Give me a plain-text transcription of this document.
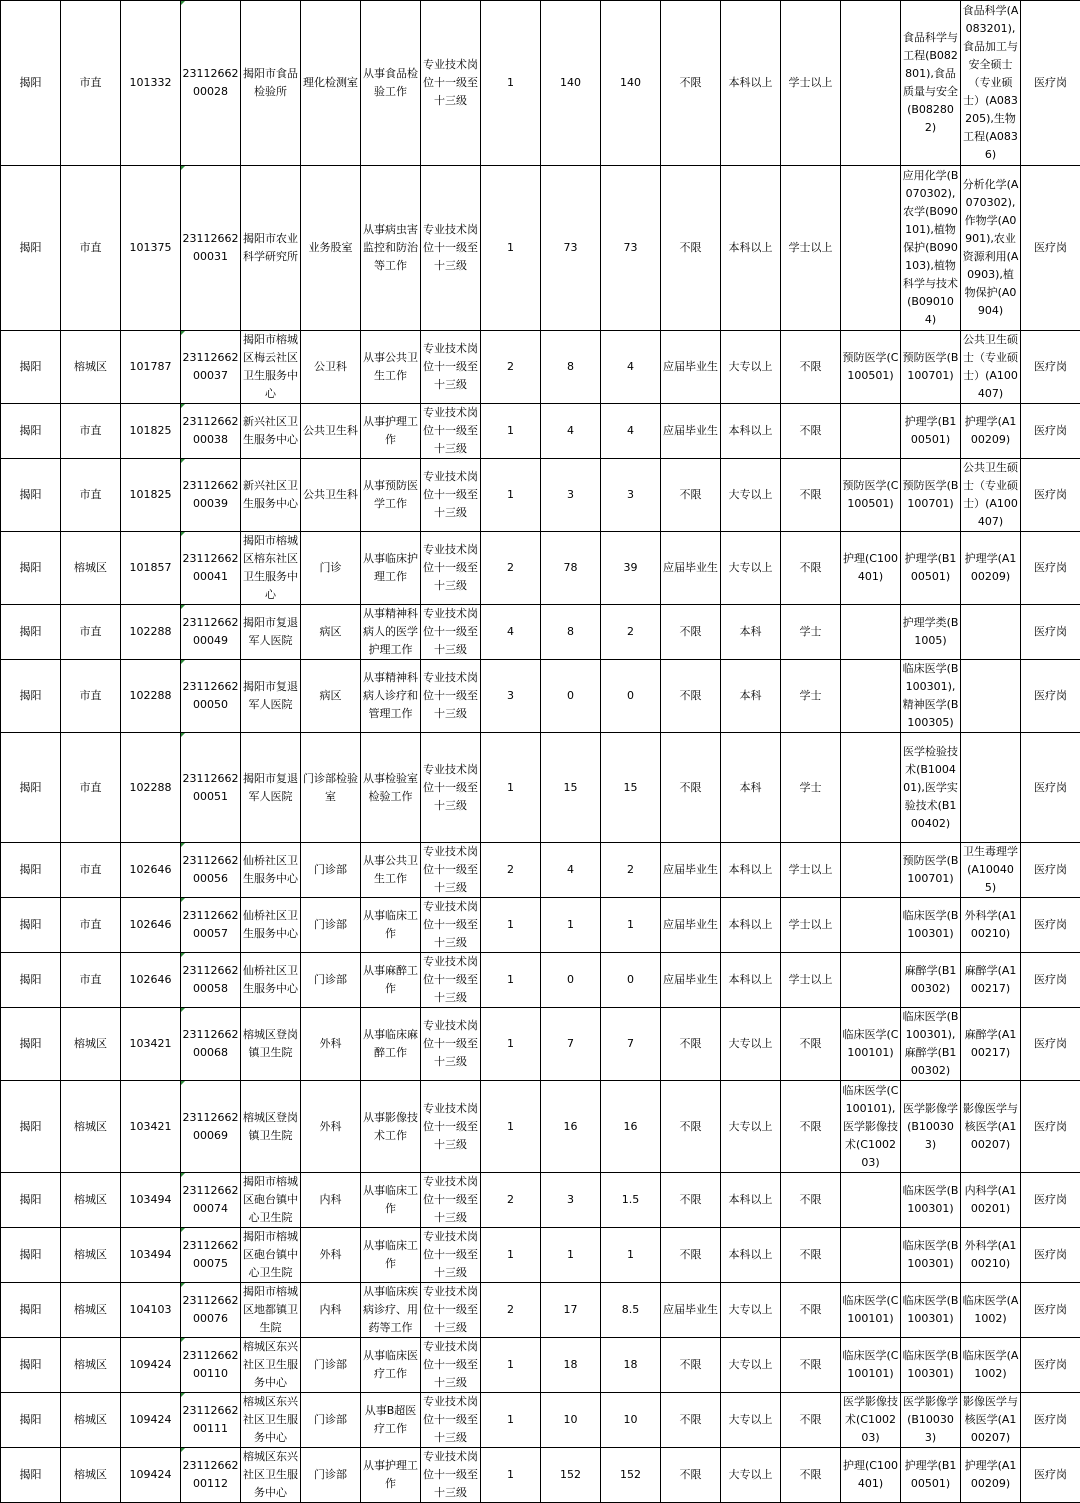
揭阳	市直	101332	2311266200028	揭阳市食品检验所	理化检测室	从事食品检验工作	专业技术岗位十一级至十三级	1	140	140	不限	本科以上	学士以上		食品科学与工程(B082801),食品质量与安全(B082802)	食品科学(A083201),食品加工与安全硕士（专业硕士）(A083205),生物工程(A0836)	医疗岗
揭阳	市直	101375	2311266200031	揭阳市农业科学研究所	业务股室	从事病虫害监控和防治等工作	专业技术岗位十一级至十三级	1	73	73	不限	本科以上	学士以上		应用化学(B070302),农学(B090101),植物保护(B090103),植物科学与技术(B090104)	分析化学(A070302),作物学(A0901),农业资源利用(A0903),植物保护(A0904)	医疗岗
揭阳	榕城区	101787	2311266200037	揭阳市榕城区梅云社区卫生服务中心	公卫科	从事公共卫生工作	专业技术岗位十一级至十三级	2	8	4	应届毕业生	大专以上	不限	预防医学(C100501)	预防医学(B100701)	公共卫生硕士（专业硕士）(A100407)	医疗岗
揭阳	市直	101825	2311266200038	新兴社区卫生服务中心	公共卫生科	从事护理工作	专业技术岗位十一级至十三级	1	4	4	应届毕业生	本科以上	不限		护理学(B100501)	护理学(A100209)	医疗岗
揭阳	市直	101825	2311266200039	新兴社区卫生服务中心	公共卫生科	从事预防医学工作	专业技术岗位十一级至十三级	1	3	3	不限	大专以上	不限	预防医学(C100501)	预防医学(B100701)	公共卫生硕士（专业硕士）(A100407)	医疗岗
揭阳	榕城区	101857	2311266200041	揭阳市榕城区榕东社区卫生服务中心	门诊	从事临床护理工作	专业技术岗位十一级至十三级	2	78	39	应届毕业生	大专以上	不限	护理(C100401)	护理学(B100501)	护理学(A100209)	医疗岗
揭阳	市直	102288	2311266200049	揭阳市复退军人医院	病区	从事精神科病人的医学护理工作	专业技术岗位十一级至十三级	4	8	2	不限	本科	学士		护理学类(B1005)		医疗岗
揭阳	市直	102288	2311266200050	揭阳市复退军人医院	病区	从事精神科病人诊疗和管理工作	专业技术岗位十一级至十三级	3	0	0	不限	本科	学士		临床医学(B100301),精神医学(B100305)		医疗岗
揭阳	市直	102288	2311266200051	揭阳市复退军人医院	门诊部检验室	从事检验室检验工作	专业技术岗位十一级至十三级	1	15	15	不限	本科	学士		医学检验技术(B100401),医学实验技术(B100402)		医疗岗
揭阳	市直	102646	2311266200056	仙桥社区卫生服务中心	门诊部	从事公共卫生工作	专业技术岗位十一级至十三级	2	4	2	应届毕业生	本科以上	学士以上		预防医学(B100701)	卫生毒理学(A100405)	医疗岗
揭阳	市直	102646	2311266200057	仙桥社区卫生服务中心	门诊部	从事临床工作	专业技术岗位十一级至十三级	1	1	1	应届毕业生	本科以上	学士以上		临床医学(B100301)	外科学(A100210)	医疗岗
揭阳	市直	102646	2311266200058	仙桥社区卫生服务中心	门诊部	从事麻醉工作	专业技术岗位十一级至十三级	1	0	0	应届毕业生	本科以上	学士以上		麻醉学(B100302)	麻醉学(A100217)	医疗岗
揭阳	榕城区	103421	2311266200068	榕城区登岗镇卫生院	外科	从事临床麻醉工作	专业技术岗位十一级至十三级	1	7	7	不限	大专以上	不限	临床医学(C100101)	临床医学(B100301),麻醉学(B100302)	麻醉学(A100217)	医疗岗
揭阳	榕城区	103421	2311266200069	榕城区登岗镇卫生院	外科	从事影像技术工作	专业技术岗位十一级至十三级	1	16	16	不限	大专以上	不限	临床医学(C100101),医学影像技术(C100203)	医学影像学(B100303)	影像医学与核医学(A100207)	医疗岗
揭阳	榕城区	103494	2311266200074	揭阳市榕城区砲台镇中心卫生院	内科	从事临床工作	专业技术岗位十一级至十三级	2	3	1.5	不限	本科以上	不限		临床医学(B100301)	内科学(A100201)	医疗岗
揭阳	榕城区	103494	2311266200075	揭阳市榕城区砲台镇中心卫生院	外科	从事临床工作	专业技术岗位十一级至十三级	1	1	1	不限	本科以上	不限		临床医学(B100301)	外科学(A100210)	医疗岗
揭阳	榕城区	104103	2311266200076	揭阳市榕城区地都镇卫生院	内科	从事临床疾病诊疗、用药等工作	专业技术岗位十一级至十三级	2	17	8.5	应届毕业生	大专以上	不限	临床医学(C100101)	临床医学(B100301)	临床医学(A1002)	医疗岗
揭阳	榕城区	109424	2311266200110	榕城区东兴社区卫生服务中心	门诊部	从事临床医疗工作	专业技术岗位十一级至十三级	1	18	18	不限	大专以上	不限	临床医学(C100101)	临床医学(B100301)	临床医学(A1002)	医疗岗
揭阳	榕城区	109424	2311266200111	榕城区东兴社区卫生服务中心	门诊部	从事B超医疗工作	专业技术岗位十一级至十三级	1	10	10	不限	大专以上	不限	医学影像技术(C100203)	医学影像学(B100303)	影像医学与核医学(A100207)	医疗岗
揭阳	榕城区	109424	2311266200112	榕城区东兴社区卫生服务中心	门诊部	从事护理工作	专业技术岗位十一级至十三级	1	152	152	不限	大专以上	不限	护理(C100401)	护理学(B100501)	护理学(A100209)	医疗岗
